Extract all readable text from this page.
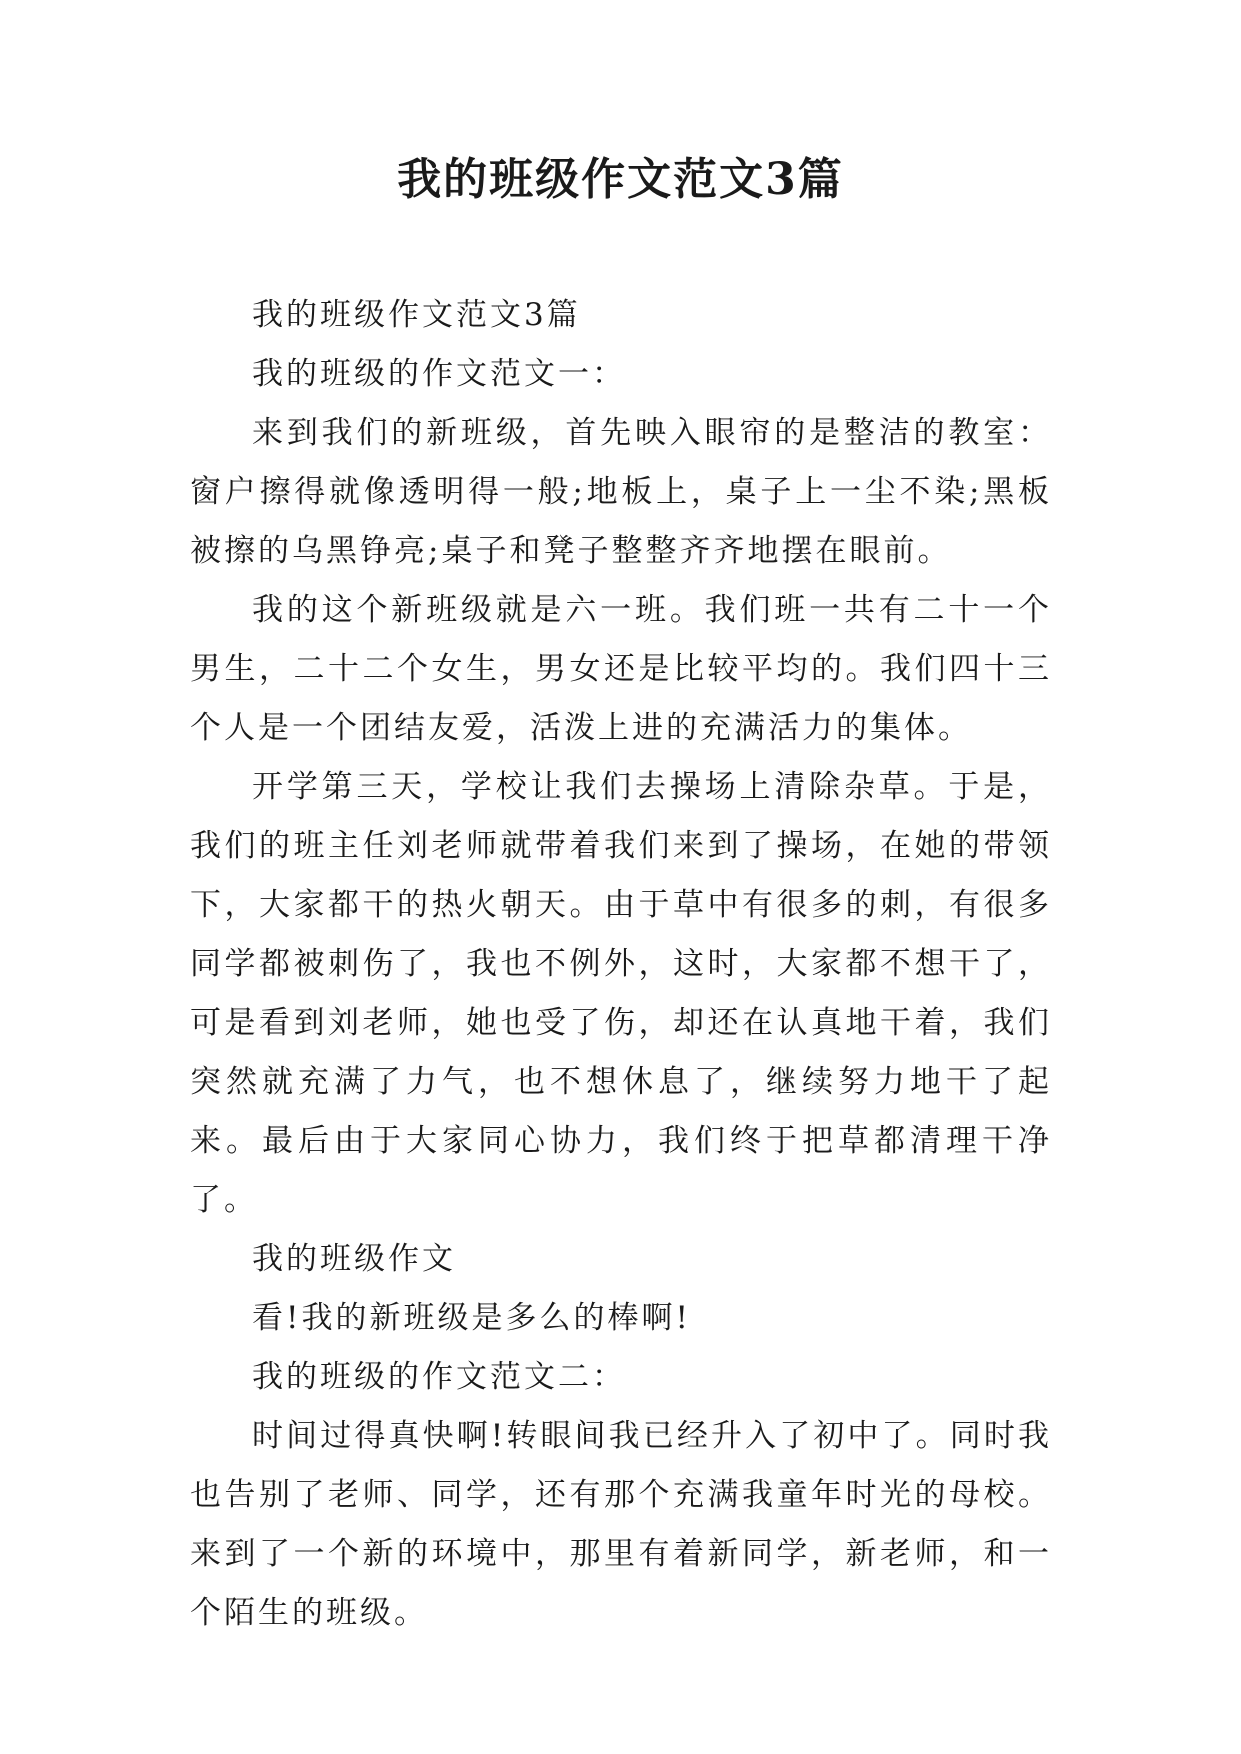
我的班级作文范文3篇

我的班级作文范文3篇

我的班级的作文范文一：

来到我们的新班级，首先映入眼帘的是整洁的教室：窗户擦得就像透明得一般;地板上，桌子上一尘不染;黑板被擦的乌黑铮亮;桌子和凳子整整齐齐地摆在眼前。

我的这个新班级就是六一班。我们班一共有二十一个男生，二十二个女生，男女还是比较平均的。我们四十三个人是一个团结友爱，活泼上进的充满活力的集体。

开学第三天，学校让我们去操场上清除杂草。于是，我们的班主任刘老师就带着我们来到了操场，在她的带领下，大家都干的热火朝天。由于草中有很多的刺，有很多同学都被刺伤了，我也不例外，这时，大家都不想干了，可是看到刘老师，她也受了伤，却还在认真地干着，我们突然就充满了力气，也不想休息了，继续努力地干了起来。最后由于大家同心协力，我们终于把草都清理干净了。

我的班级作文

看!我的新班级是多么的棒啊!

我的班级的作文范文二：

时间过得真快啊!转眼间我已经升入了初中了。同时我也告别了老师、同学，还有那个充满我童年时光的母校。来到了一个新的环境中，那里有着新同学，新老师，和一个陌生的班级。
